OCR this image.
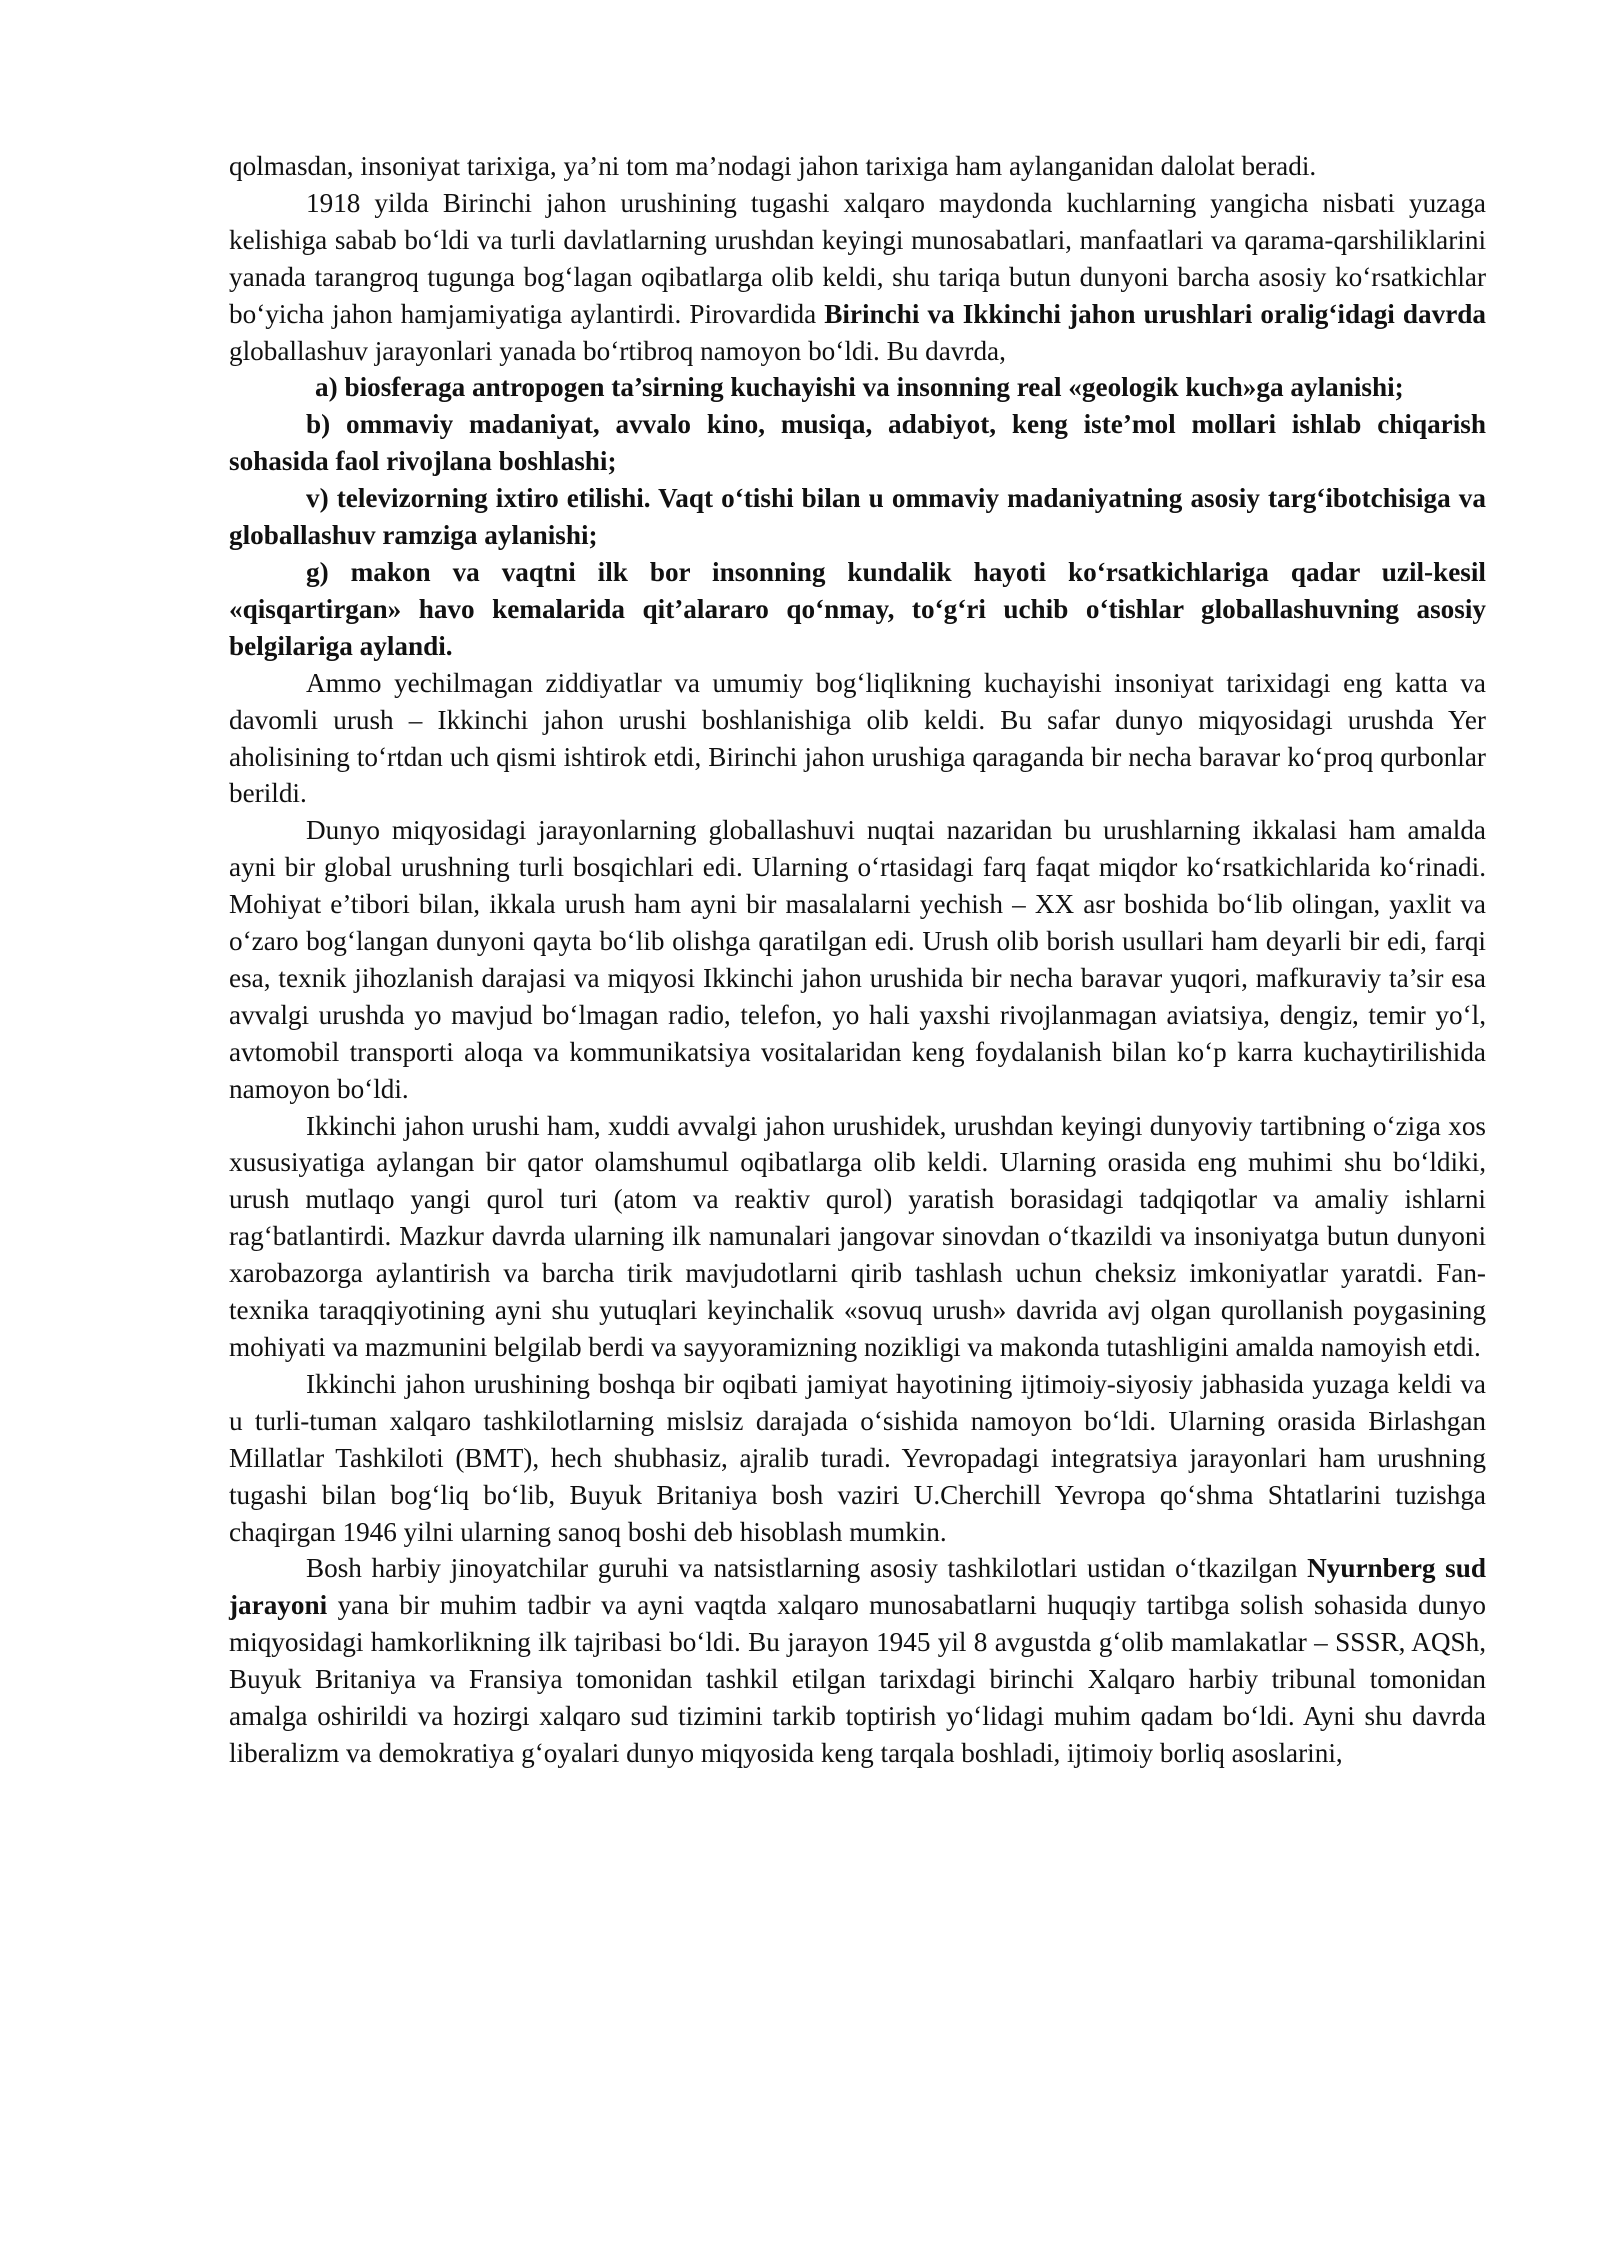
qolmasdan, insoniyat tarixiga, ya’ni tom ma’nodagi jahon tarixiga ham aylanganidan dalolat beradi.

1918 yilda Birinchi jahon urushining tugashi xalqaro maydonda kuchlarning yangicha nisbati yuzaga kelishiga sabab bo‘ldi va turli davlatlarning urushdan keyingi munosabatlari, manfaatlari va qarama-qarshiliklarini yanada tarangroq tugunga bog‘lagan oqibatlarga olib keldi, shu tariqa butun dunyoni barcha asosiy ko‘rsatkichlar bo‘yicha jahon hamjamiyatiga aylantirdi. Pirovardida Birinchi va Ikkinchi jahon urushlari oralig‘idagi davrda globallashuv jarayonlari yanada bo‘rtibroq namoyon bo‘ldi. Bu davrda,

a) biosferaga antropogen ta’sirning kuchayishi va insonning real «geologik kuch»ga aylanishi;

b) ommaviy madaniyat, avvalo kino, musiqa, adabiyot, keng iste’mol mollari ishlab chiqarish sohasida faol rivojlana boshlashi;

v) televizorning ixtiro etilishi. Vaqt o‘tishi bilan u ommaviy madaniyatning asosiy targ‘ibotchisiga va globallashuv ramziga aylanishi;

g) makon va vaqtni ilk bor insonning kundalik hayoti ko‘rsatkichlariga qadar uzil-kesil «qisqartirgan» havo kemalarida qit’alararo qo‘nmay, to‘g‘ri uchib o‘tishlar globallashuvning asosiy belgilariga aylandi.

Ammo yechilmagan ziddiyatlar va umumiy bog‘liqlikning kuchayishi insoniyat tarixidagi eng katta va davomli urush – Ikkinchi jahon urushi boshlanishiga olib keldi. Bu safar dunyo miqyosidagi urushda Yer aholisining to‘rtdan uch qismi ishtirok etdi, Birinchi jahon urushiga qaraganda bir necha baravar ko‘proq qurbonlar berildi.

Dunyo miqyosidagi jarayonlarning globallashuvi nuqtai nazaridan bu urushlarning ikkalasi ham amalda ayni bir global urushning turli bosqichlari edi. Ularning o‘rtasidagi farq faqat miqdor ko‘rsatkichlarida ko‘rinadi. Mohiyat e’tibori bilan, ikkala urush ham ayni bir masalalarni yechish – XX asr boshida bo‘lib olingan, yaxlit va o‘zaro bog‘langan dunyoni qayta bo‘lib olishga qaratilgan edi. Urush olib borish usullari ham deyarli bir edi, farqi esa, texnik jihozlanish darajasi va miqyosi Ikkinchi jahon urushida bir necha baravar yuqori, mafkuraviy ta’sir esa avvalgi urushda yo mavjud bo‘lmagan radio, telefon, yo hali yaxshi rivojlanmagan aviatsiya, dengiz, temir yo‘l, avtomobil transporti aloqa va kommunikatsiya vositalaridan keng foydalanish bilan ko‘p karra kuchaytirilishida namoyon bo‘ldi.

Ikkinchi jahon urushi ham, xuddi avvalgi jahon urushidek, urushdan keyingi dunyoviy tartibning o‘ziga xos xususiyatiga aylangan bir qator olamshumul oqibatlarga olib keldi. Ularning orasida eng muhimi shu bo‘ldiki, urush mutlaqo yangi qurol turi (atom va reaktiv qurol) yaratish borasidagi tadqiqotlar va amaliy ishlarni rag‘batlantirdi. Mazkur davrda ularning ilk namunalari jangovar sinovdan o‘tkazildi va insoniyatga butun dunyoni xarobazorga aylantirish va barcha tirik mavjudotlarni qirib tashlash uchun cheksiz imkoniyatlar yaratdi. Fan-texnika taraqqiyotining ayni shu yutuqlari keyinchalik «sovuq urush» davrida avj olgan qurollanish poygasining mohiyati va mazmunini belgilab berdi va sayyoramizning nozikligi va makonda tutashligini amalda namoyish etdi.

Ikkinchi jahon urushining boshqa bir oqibati jamiyat hayotining ijtimoiy-siyosiy jabhasida yuzaga keldi va u turli-tuman xalqaro tashkilotlarning mislsiz darajada o‘sishida namoyon bo‘ldi. Ularning orasida Birlashgan Millatlar Tashkiloti (BMT), hech shubhasiz, ajralib turadi. Yevropadagi integratsiya jarayonlari ham urushning tugashi bilan bog‘liq bo‘lib, Buyuk Britaniya bosh vaziri U.Cherchill Yevropa qo‘shma Shtatlarini tuzishga chaqirgan 1946 yilni ularning sanoq boshi deb hisoblash mumkin.

Bosh harbiy jinoyatchilar guruhi va natsistlarning asosiy tashkilotlari ustidan o‘tkazilgan Nyurnberg sud jarayoni yana bir muhim tadbir va ayni vaqtda xalqaro munosabatlarni huquqiy tartibga solish sohasida dunyo miqyosidagi hamkorlikning ilk tajribasi bo‘ldi. Bu jarayon 1945 yil 8 avgustda g‘olib mamlakatlar – SSSR, AQSh, Buyuk Britaniya va Fransiya tomonidan tashkil etilgan tarixdagi birinchi Xalqaro harbiy tribunal tomonidan amalga oshirildi va hozirgi xalqaro sud tizimini tarkib toptirish yo‘lidagi muhim qadam bo‘ldi. Ayni shu davrda liberalizm va demokratiya g‘oyalari dunyo miqyosida keng tarqala boshladi, ijtimoiy borliq asoslarini,
